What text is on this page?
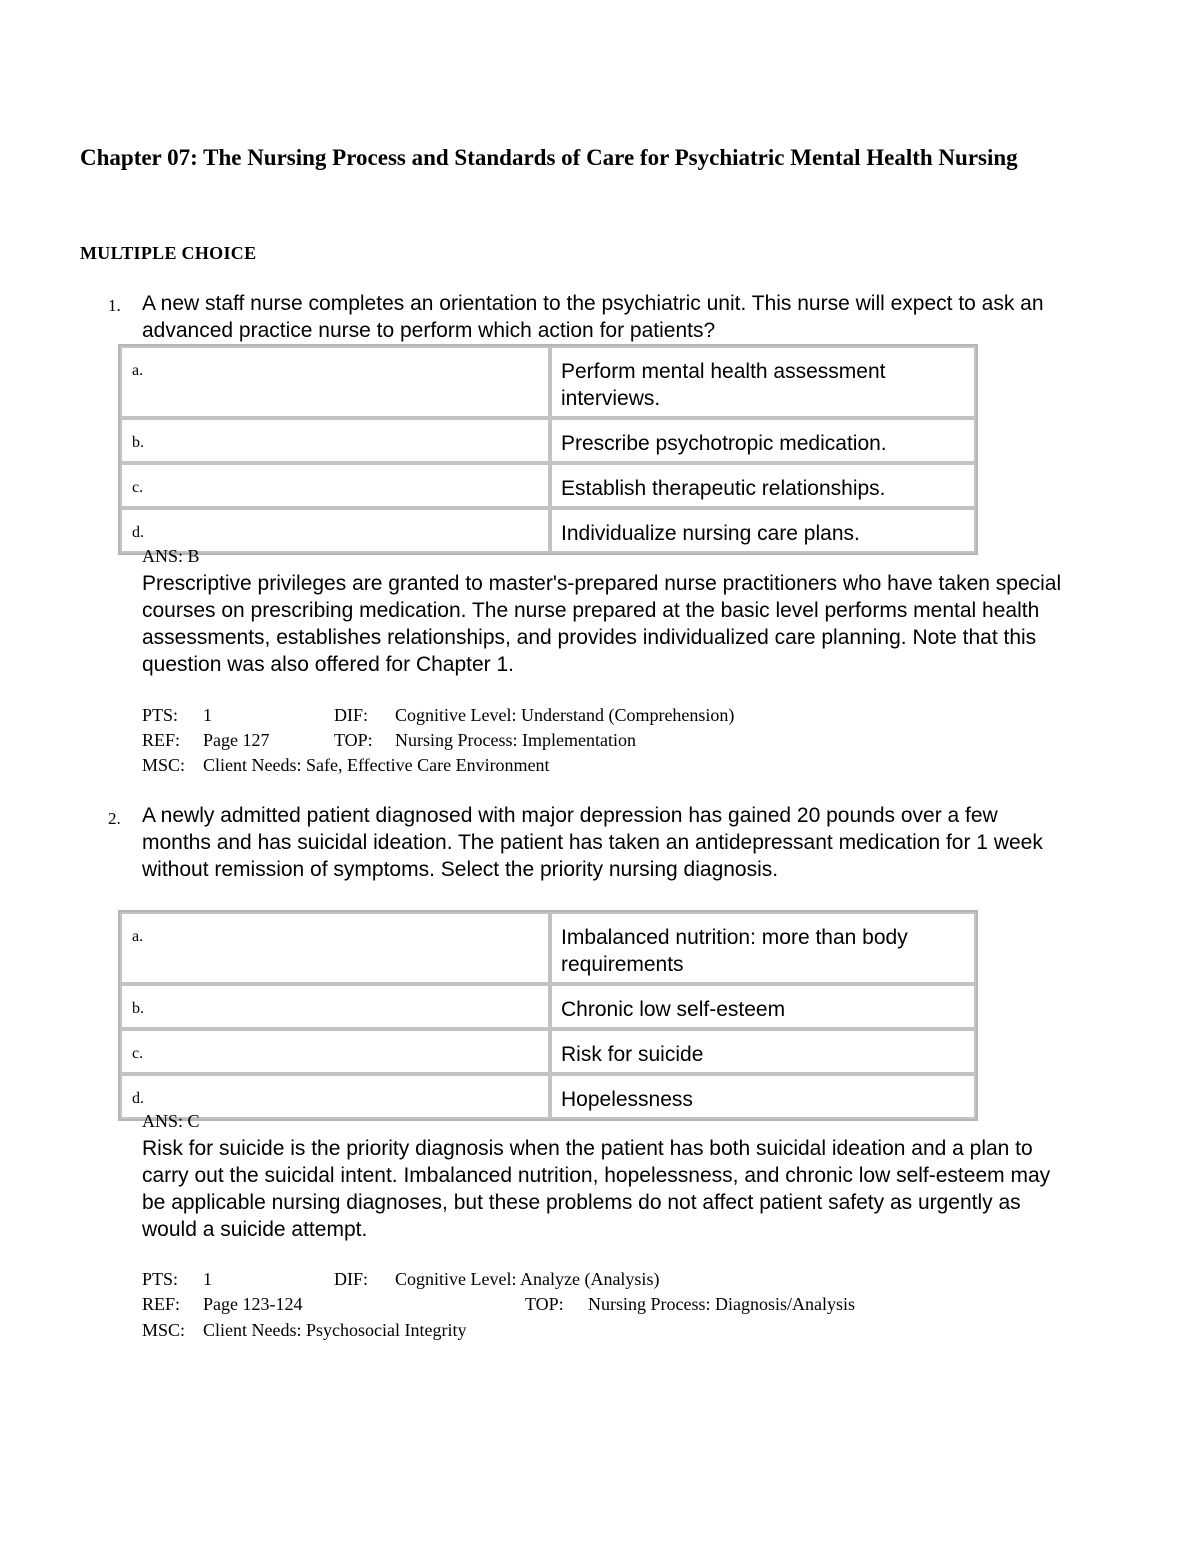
Chapter 07: The Nursing Process and Standards of Care for Psychiatric Mental Health Nursing
MULTIPLE CHOICE
1. A new staff nurse completes an orientation to the psychiatric unit. This nurse will expect to ask an advanced practice nurse to perform which action for patients?
a.	Perform mental health assessment interviews.
b.	Prescribe psychotropic medication.
c.	Establish therapeutic relationships.
d.	Individualize nursing care plans.
ANS: B
Prescriptive privileges are granted to master's-prepared nurse practitioners who have taken special courses on prescribing medication. The nurse prepared at the basic level performs mental health assessments, establishes relationships, and provides individualized care planning. Note that this question was also offered for Chapter 1.
PTS: 1	DIF: Cognitive Level: Understand (Comprehension)
REF: Page 127	TOP: Nursing Process: Implementation
MSC: Client Needs: Safe, Effective Care Environment
2. A newly admitted patient diagnosed with major depression has gained 20 pounds over a few months and has suicidal ideation. The patient has taken an antidepressant medication for 1 week without remission of symptoms. Select the priority nursing diagnosis.
a.	Imbalanced nutrition: more than body requirements
b.	Chronic low self-esteem
c.	Risk for suicide
d.	Hopelessness
ANS: C
Risk for suicide is the priority diagnosis when the patient has both suicidal ideation and a plan to carry out the suicidal intent. Imbalanced nutrition, hopelessness, and chronic low self-esteem may be applicable nursing diagnoses, but these problems do not affect patient safety as urgently as would a suicide attempt.
PTS: 1	DIF: Cognitive Level: Analyze (Analysis)
REF: Page 123-124	TOP: Nursing Process: Diagnosis/Analysis
MSC: Client Needs: Psychosocial Integrity
